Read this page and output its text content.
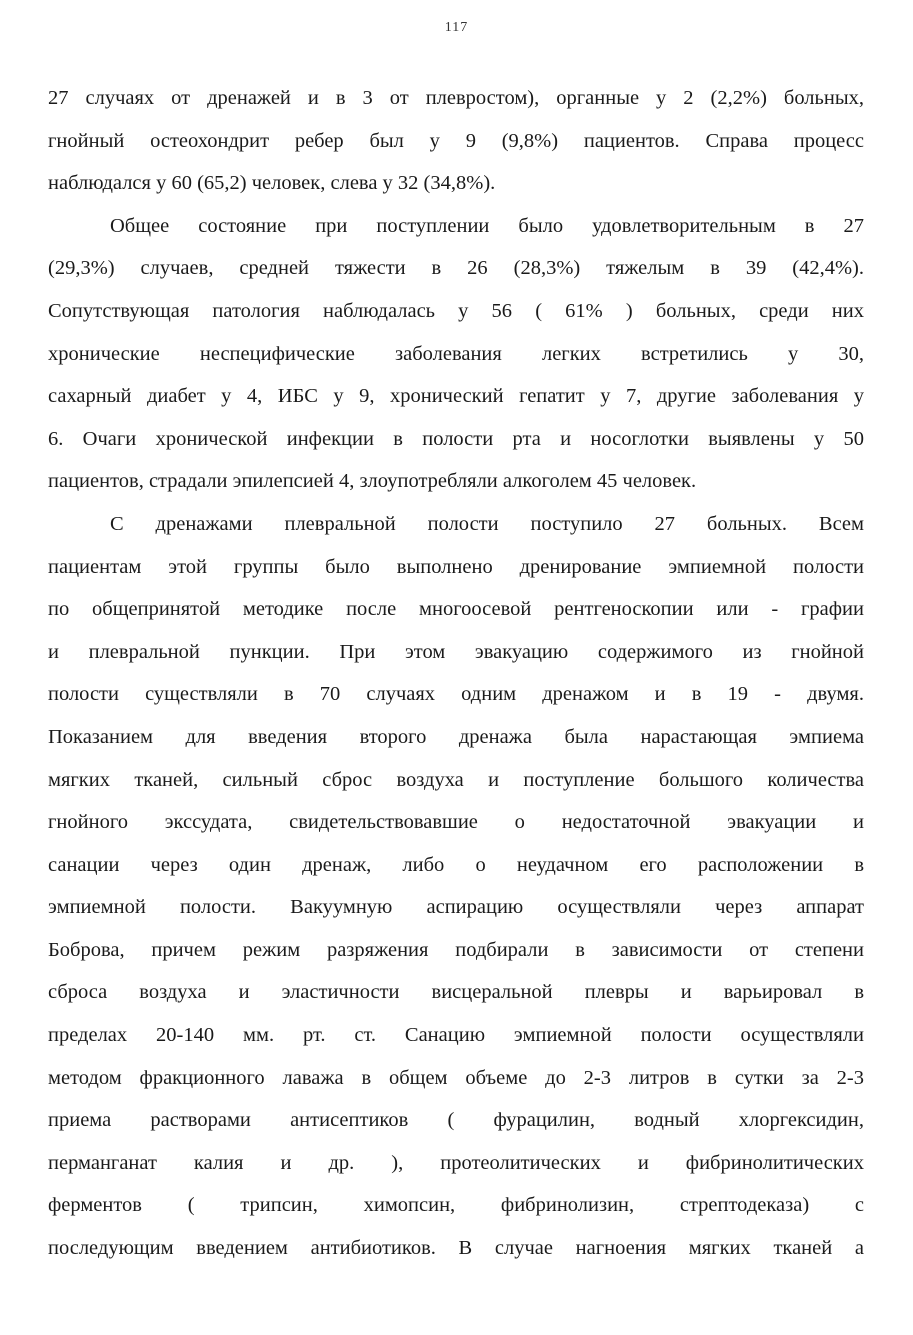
117
27 случаях от дренажей и в 3 от плевростом), органные у 2 (2,2%) больных,
гнойный остеохондрит ребер был у 9 (9,8%) пациентов. Справа процесс
наблюдался у 60 (65,2) человек, слева у 32 (34,8%).
Общее состояние при поступлении было удовлетворительным в 27
(29,3%) случаев, средней тяжести в 26 (28,3%) тяжелым в 39 (42,4%).
Сопутствующая патология наблюдалась у 56 ( 61% ) больных, среди них
хронические неспецифические заболевания легких встретились у 30,
сахарный диабет у 4, ИБС у 9, хронический гепатит у 7, другие заболевания у
6. Очаги хронической инфекции в полости рта и носоглотки выявлены у 50
пациентов, страдали эпилепсией 4, злоупотребляли алкоголем 45 человек.
С дренажами плевральной полости поступило 27 больных. Всем
пациентам этой группы было выполнено дренирование эмпиемной полости
по общепринятой методике после многоосевой рентгеноскопии или - графии
и плевральной пункции. При этом эвакуацию содержимого из гнойной
полости существляли в 70 случаях одним дренажом и в 19 - двумя.
Показанием для введения второго дренажа была нарастающая эмпиема
мягких тканей, сильный сброс воздуха и поступление большого количества
гнойного экссудата, свидетельствовавшие о недостаточной эвакуации и
санации через один дренаж, либо о неудачном его расположении в
эмпиемной полости. Вакуумную аспирацию осуществляли через аппарат
Боброва, причем режим разряжения подбирали в зависимости от степени
сброса воздуха и эластичности висцеральной плевры и варьировал в
пределах 20-140 мм. рт. ст. Санацию эмпиемной полости осуществляли
методом фракционного лаважа в общем объеме до 2-3 литров в сутки за 2-3
приема растворами антисептиков ( фурацилин, водный хлоргексидин,
перманганат калия и др. ), протеолитических и фибринолитических
ферментов ( трипсин, химопсин, фибринолизин, стрептодеказа) с
последующим введением антибиотиков. В случае нагноения мягких тканей а
